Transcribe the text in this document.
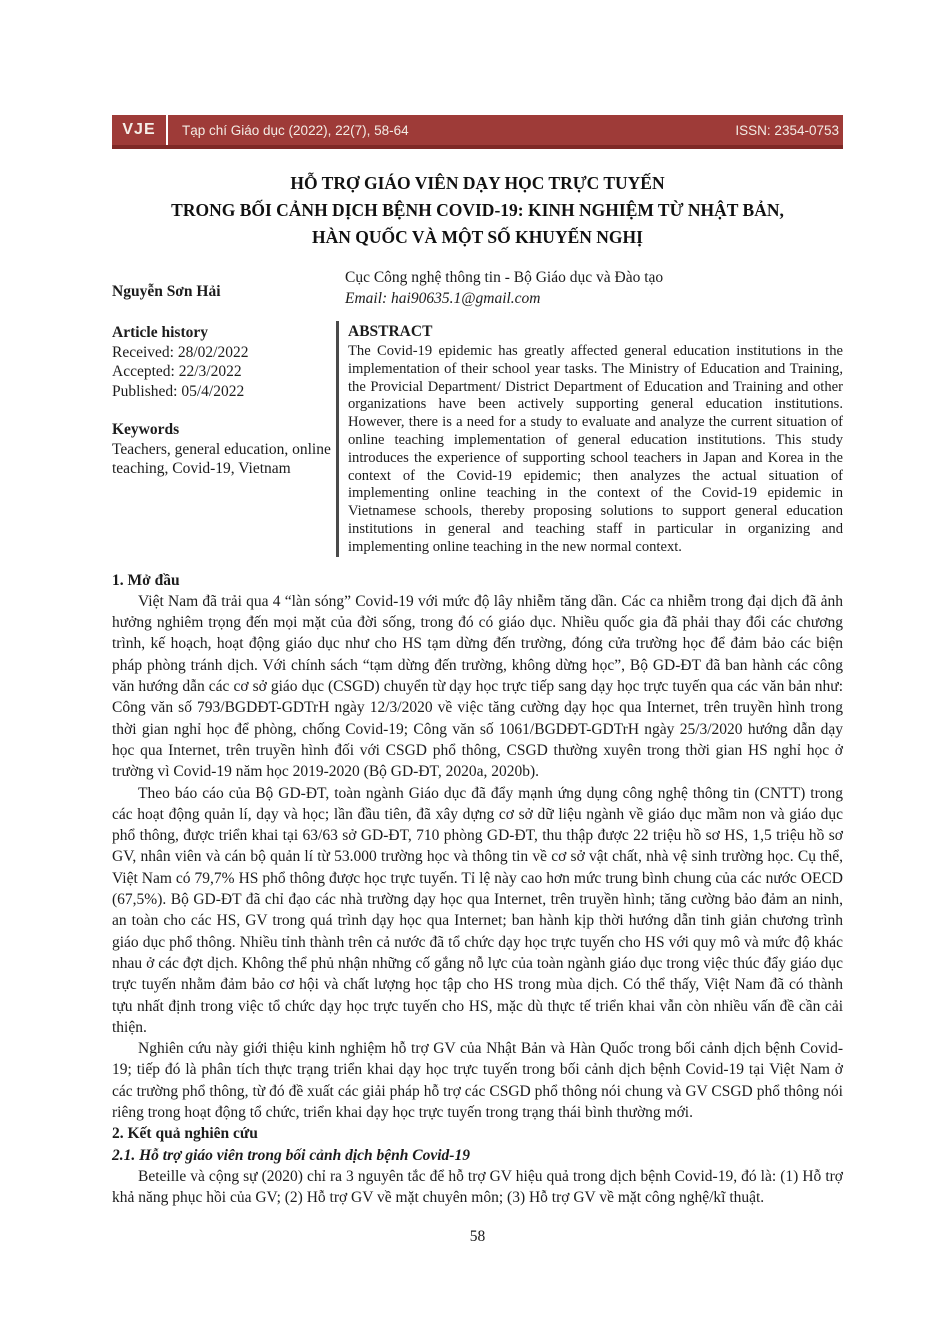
VJE	Tạp chí Giáo dục (2022), 22(7), 58-64	ISSN: 2354-0753
HỖ TRỢ GIÁO VIÊN DẠY HỌC TRỰC TUYẾN
TRONG BỐI CẢNH DỊCH BỆNH COVID-19: KINH NGHIỆM TỪ NHẬT BẢN,
HÀN QUỐC VÀ MỘT SỐ KHUYẾN NGHỊ
Nguyễn Sơn Hải
Cục Công nghệ thông tin - Bộ Giáo dục và Đào tạo
Email: hai90635.1@gmail.com
Article history
Received: 28/02/2022
Accepted: 22/3/2022
Published: 05/4/2022
Keywords
Teachers, general education, online teaching, Covid-19, Vietnam
ABSTRACT
The Covid-19 epidemic has greatly affected general education institutions in the implementation of their school year tasks. The Ministry of Education and Training, the Provicial Department/ District Department of Education and Training and other organizations have been actively supporting general education institutions. However, there is a need for a study to evaluate and analyze the current situation of online teaching implementation of general education institutions. This study introduces the experience of supporting school teachers in Japan and Korea in the context of the Covid-19 epidemic; then analyzes the actual situation of implementing online teaching in the context of the Covid-19 epidemic in Vietnamese schools, thereby proposing solutions to support general education institutions in general and teaching staff in particular in organizing and implementing online teaching in the new normal context.
1. Mở đầu
Việt Nam đã trải qua 4 “làn sóng” Covid-19 với mức độ lây nhiễm tăng dần. Các ca nhiễm trong đại dịch đã ảnh hưởng nghiêm trọng đến mọi mặt của đời sống, trong đó có giáo dục. Nhiều quốc gia đã phải thay đổi các chương trình, kế hoạch, hoạt động giáo dục như cho HS tạm dừng đến trường, đóng cửa trường học để đảm bảo các biện pháp phòng tránh dịch. Với chính sách “tạm dừng đến trường, không dừng học”, Bộ GD-ĐT đã ban hành các công văn hướng dẫn các cơ sở giáo dục (CSGD) chuyển từ dạy học trực tiếp sang dạy học trực tuyến qua các văn bản như: Công văn số 793/BGDĐT-GDTrH ngày 12/3/2020 về việc tăng cường dạy học qua Internet, trên truyền hình trong thời gian nghỉ học để phòng, chống Covid-19; Công văn số 1061/BGDĐT-GDTrH ngày 25/3/2020 hướng dẫn dạy học qua Internet, trên truyền hình đối với CSGD phổ thông, CSGD thường xuyên trong thời gian HS nghỉ học ở trường vì Covid-19 năm học 2019-2020 (Bộ GD-ĐT, 2020a, 2020b).
Theo báo cáo của Bộ GD-ĐT, toàn ngành Giáo dục đã đẩy mạnh ứng dụng công nghệ thông tin (CNTT) trong các hoạt động quản lí, dạy và học; lần đầu tiên, đã xây dựng cơ sở dữ liệu ngành về giáo dục mầm non và giáo dục phổ thông, được triển khai tại 63/63 sở GD-ĐT, 710 phòng GD-ĐT, thu thập được 22 triệu hồ sơ HS, 1,5 triệu hồ sơ GV, nhân viên và cán bộ quản lí từ 53.000 trường học và thông tin về cơ sở vật chất, nhà vệ sinh trường học. Cụ thể, Việt Nam có 79,7% HS phổ thông được học trực tuyến. Tỉ lệ này cao hơn mức trung bình chung của các nước OECD (67,5%). Bộ GD-ĐT đã chỉ đạo các nhà trường dạy học qua Internet, trên truyền hình; tăng cường bảo đảm an ninh, an toàn cho các HS, GV trong quá trình dạy học qua Internet; ban hành kịp thời hướng dẫn tinh giản chương trình giáo dục phổ thông. Nhiều tỉnh thành trên cả nước đã tổ chức dạy học trực tuyến cho HS với quy mô và mức độ khác nhau ở các đợt dịch. Không thể phủ nhận những cố gắng nỗ lực của toàn ngành giáo dục trong việc thúc đẩy giáo dục trực tuyến nhằm đảm bảo cơ hội và chất lượng học tập cho HS trong mùa dịch. Có thể thấy, Việt Nam đã có thành tựu nhất định trong việc tổ chức dạy học trực tuyến cho HS, mặc dù thực tế triển khai vẫn còn nhiều vấn đề cần cải thiện.
Nghiên cứu này giới thiệu kinh nghiệm hỗ trợ GV của Nhật Bản và Hàn Quốc trong bối cảnh dịch bệnh Covid-19; tiếp đó là phân tích thực trạng triển khai dạy học trực tuyến trong bối cảnh dịch bệnh Covid-19 tại Việt Nam ở các trường phổ thông, từ đó đề xuất các giải pháp hỗ trợ các CSGD phổ thông nói chung và GV CSGD phổ thông nói riêng trong hoạt động tổ chức, triển khai dạy học trực tuyến trong trạng thái bình thường mới.
2. Kết quả nghiên cứu
2.1. Hỗ trợ giáo viên trong bối cảnh dịch bệnh Covid-19
Beteille và cộng sự (2020) chỉ ra 3 nguyên tắc để hỗ trợ GV hiệu quả trong dịch bệnh Covid-19, đó là: (1) Hỗ trợ khả năng phục hồi của GV; (2) Hỗ trợ GV về mặt chuyên môn; (3) Hỗ trợ GV về mặt công nghệ/kĩ thuật.
58
